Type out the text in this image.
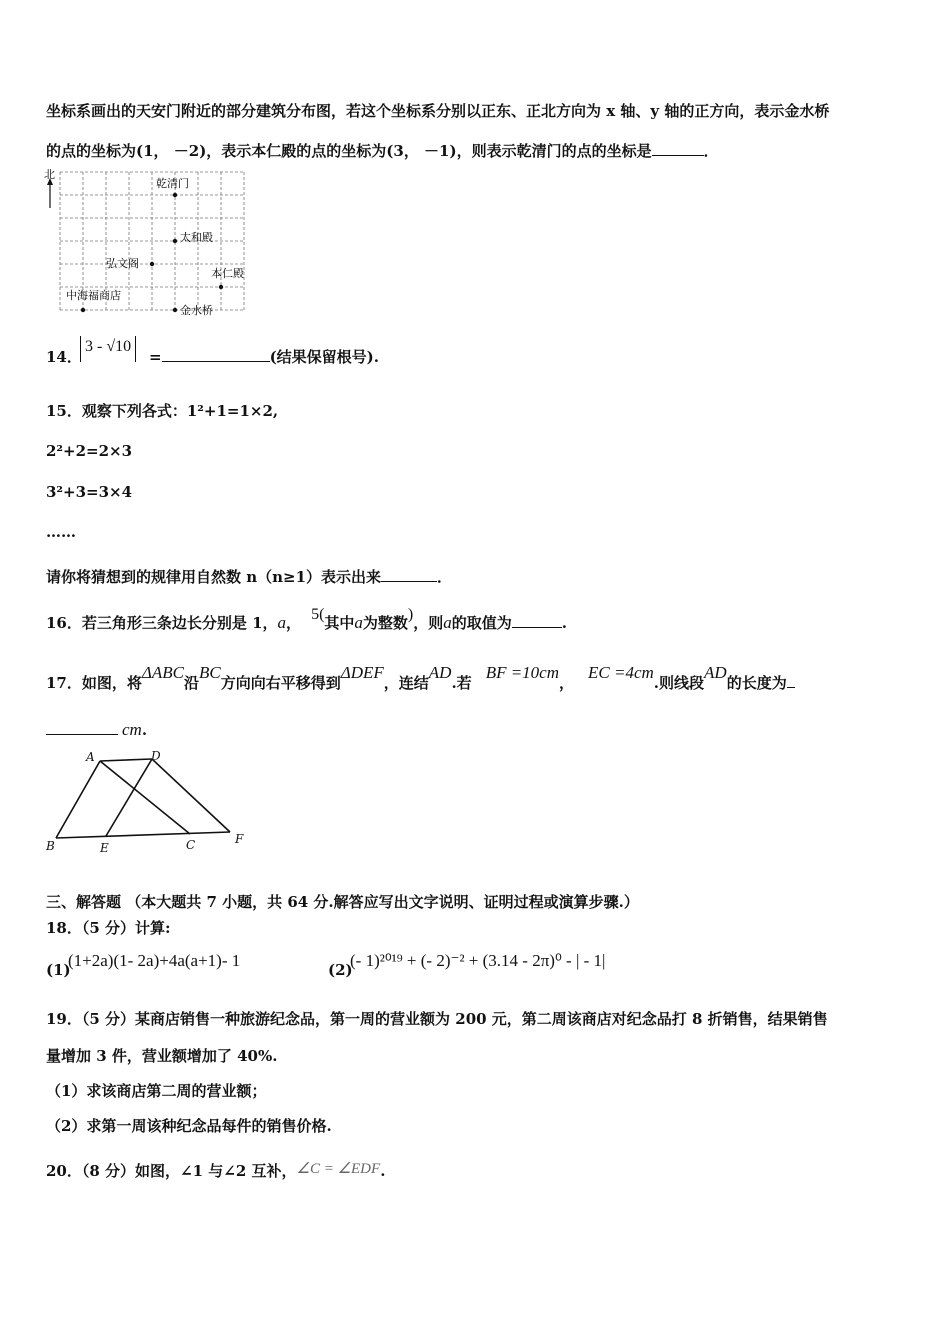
坐标系画出的天安门附近的部分建筑分布图，若这个坐标系分别以正东、正北方向为 x 轴、y 轴的正方向，表示金水桥
的点的坐标为(1， －2)，表示本仁殿的点的坐标为(3， －1)，则表示乾清门的点的坐标是	．
北
乾清门
太和殿
弘文阁
本仁殿
中海福商店
金水桥
14．
3 - √10
=	(结果保留根号).
15．观察下列各式：1²+1=1×2,
2²+2=2×3
3²+3=3×4
……
请你将猜想到的规律用自然数 n（n≥1）表示出来	．
16．若三角形三条边长分别是 1，a， 5(其中a为整数)，则a的取值为	.
17．如图，将ΔABC沿BC方向向右平移得到ΔDEF，连结AD.若BF =10cm，EC =4cm.则线段AD的长度为
cm.
A	D
B	E	C	F
三、解答题 （本大题共 7 小题，共 64 分.解答应写出文字说明、证明过程或演算步骤.）
18．（5 分）计算:
(1)
(1+2a)(1- 2a)+4a(a+1)- 1	(2)
(- 1)²⁰¹⁹ + (- 2)⁻² + (3.14 - 2π)⁰ - | - 1|
19．（5 分）某商店销售一种旅游纪念品，第一周的营业额为 200 元，第二周该商店对纪念品打 8 折销售，结果销售
量增加 3 件，营业额增加了 40%.
（1）求该商店第二周的营业额；
（2）求第一周该种纪念品每件的销售价格.
20．（8 分）如图，∠1 与∠2 互补，∠C = ∠EDF.
